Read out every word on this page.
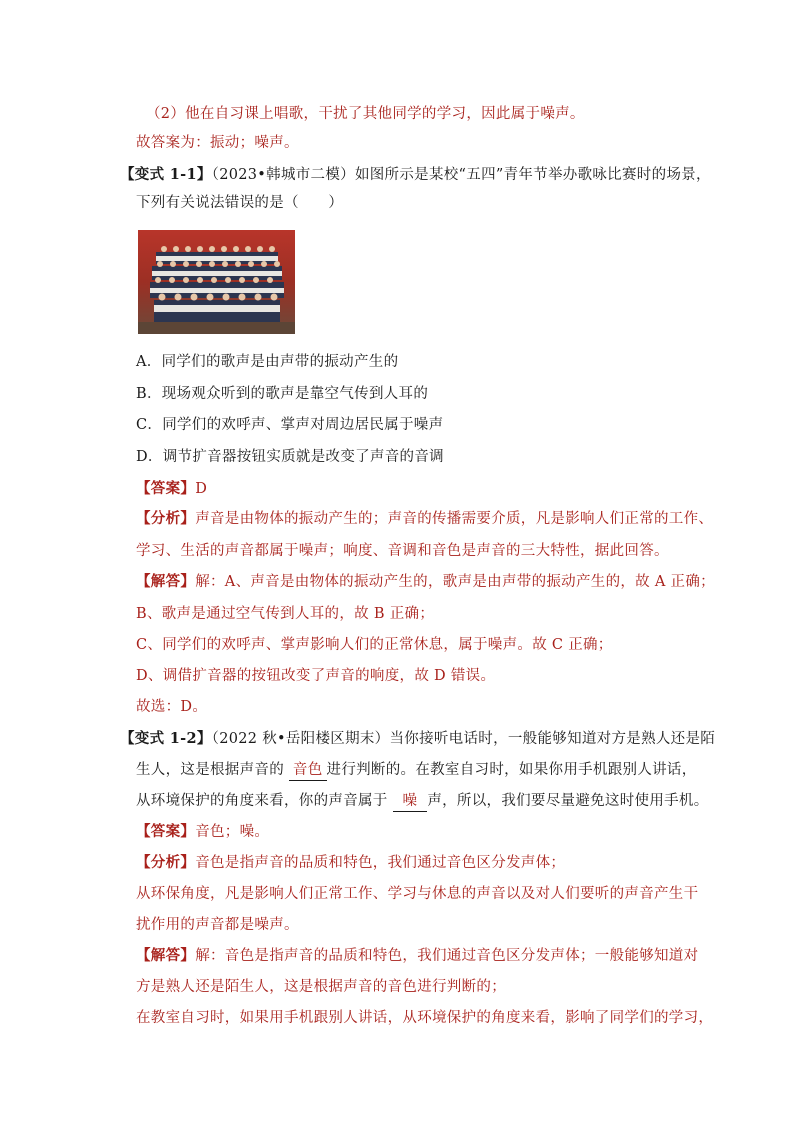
（2）他在自习课上唱歌，干扰了其他同学的学习，因此属于噪声。
故答案为：振动；噪声。
【变式 1-1】（2023•韩城市二模）如图所示是某校“五四”青年节举办歌咏比赛时的场景，
下列有关说法错误的是（　　）
A．同学们的歌声是由声带的振动产生的
B．现场观众听到的歌声是靠空气传到人耳的
C．同学们的欢呼声、掌声对周边居民属于噪声
D．调节扩音器按钮实质就是改变了声音的音调
【答案】D
【分析】声音是由物体的振动产生的；声音的传播需要介质，凡是影响人们正常的工作、
学习、生活的声音都属于噪声；响度、音调和音色是声音的三大特性，据此回答。
【解答】解：A、声音是由物体的振动产生的，歌声是由声带的振动产生的，故 A 正确；
B、歌声是通过空气传到人耳的，故 B 正确；
C、同学们的欢呼声、掌声影响人们的正常休息，属于噪声。故 C 正确；
D、调借扩音器的按钮改变了声音的响度，故 D 错误。
故选：D。
【变式 1-2】（2022 秋•岳阳楼区期末）当你接听电话时，一般能够知道对方是熟人还是陌
生人，这是根据声音的 音色 进行判断的。在教室自习时，如果你用手机跟别人讲话，
从环境保护的角度来看，你的声音属于 噪 声，所以，我们要尽量避免这时使用手机。
【答案】音色；噪。
【分析】音色是指声音的品质和特色，我们通过音色区分发声体；
从环保角度，凡是影响人们正常工作、学习与休息的声音以及对人们要听的声音产生干
扰作用的声音都是噪声。
【解答】解：音色是指声音的品质和特色，我们通过音色区分发声体；一般能够知道对
方是熟人还是陌生人，这是根据声音的音色进行判断的；
在教室自习时，如果用手机跟别人讲话，从环境保护的角度来看，影响了同学们的学习，
